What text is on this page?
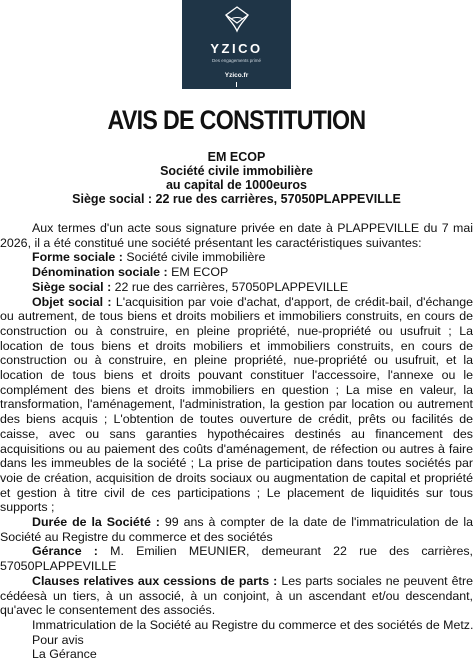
YZICO
Des engagements primé
Yzico.fr
AVIS DE CONSTITUTION
EM ECOP
Société civile immobilière
au capital de 1000euros
Siège social : 22 rue des carrières, 57050PLAPPEVILLE

Aux termes d'un acte sous signature privée en date à PLAPPEVILLE du 7 mai 2026, il a été constitué une société présentant les caractéristiques suivantes:

Forme sociale : Société civile immobilière

Dénomination sociale : EM ECOP

Siège social : 22 rue des carrières, 57050PLAPPEVILLE

Objet social : L'acquisition par voie d'achat, d'apport, de crédit-bail, d'échange ou autrement, de tous biens et droits mobiliers et immobiliers construits, en cours de construction ou à construire, en pleine propriété, nue-propriété ou usufruit ; La location de tous biens et droits mobiliers et immobiliers construits, en cours de construction ou à construire, en pleine propriété, nue-propriété ou usufruit, et la location de tous biens et droits pouvant constituer l'accessoire, l'annexe ou le complément des biens et droits immobiliers en question ; La mise en valeur, la transformation, l'aménagement, l'administration, la gestion par location ou autrement des biens acquis ; L'obtention de toutes ouverture de crédit, prêts ou facilités de caisse, avec ou sans garanties hypothécaires destinés au financement des acquisitions ou au paiement des coûts d'aménagement, de réfection ou autres à faire dans les immeubles de la société ; La prise de participation dans toutes sociétés par voie de création, acquisition de droits sociaux ou augmentation de capital et propriété et gestion à titre civil de ces participations ; Le placement de liquidités sur tous supports ;

Durée de la Société : 99 ans à compter de la date de l'immatriculation de la Société au Registre du commerce et des sociétés

Gérance : M. Emilien MEUNIER, demeurant 22 rue des carrières, 57050PLAPPEVILLE

Clauses relatives aux cessions de parts : Les parts sociales ne peuvent être cédéesà un tiers, à un associé, à un conjoint, à un ascendant et/ou descendant, qu'avec le consentement des associés.

Immatriculation de la Société au Registre du commerce et des sociétés de Metz.

Pour avis

La Gérance
